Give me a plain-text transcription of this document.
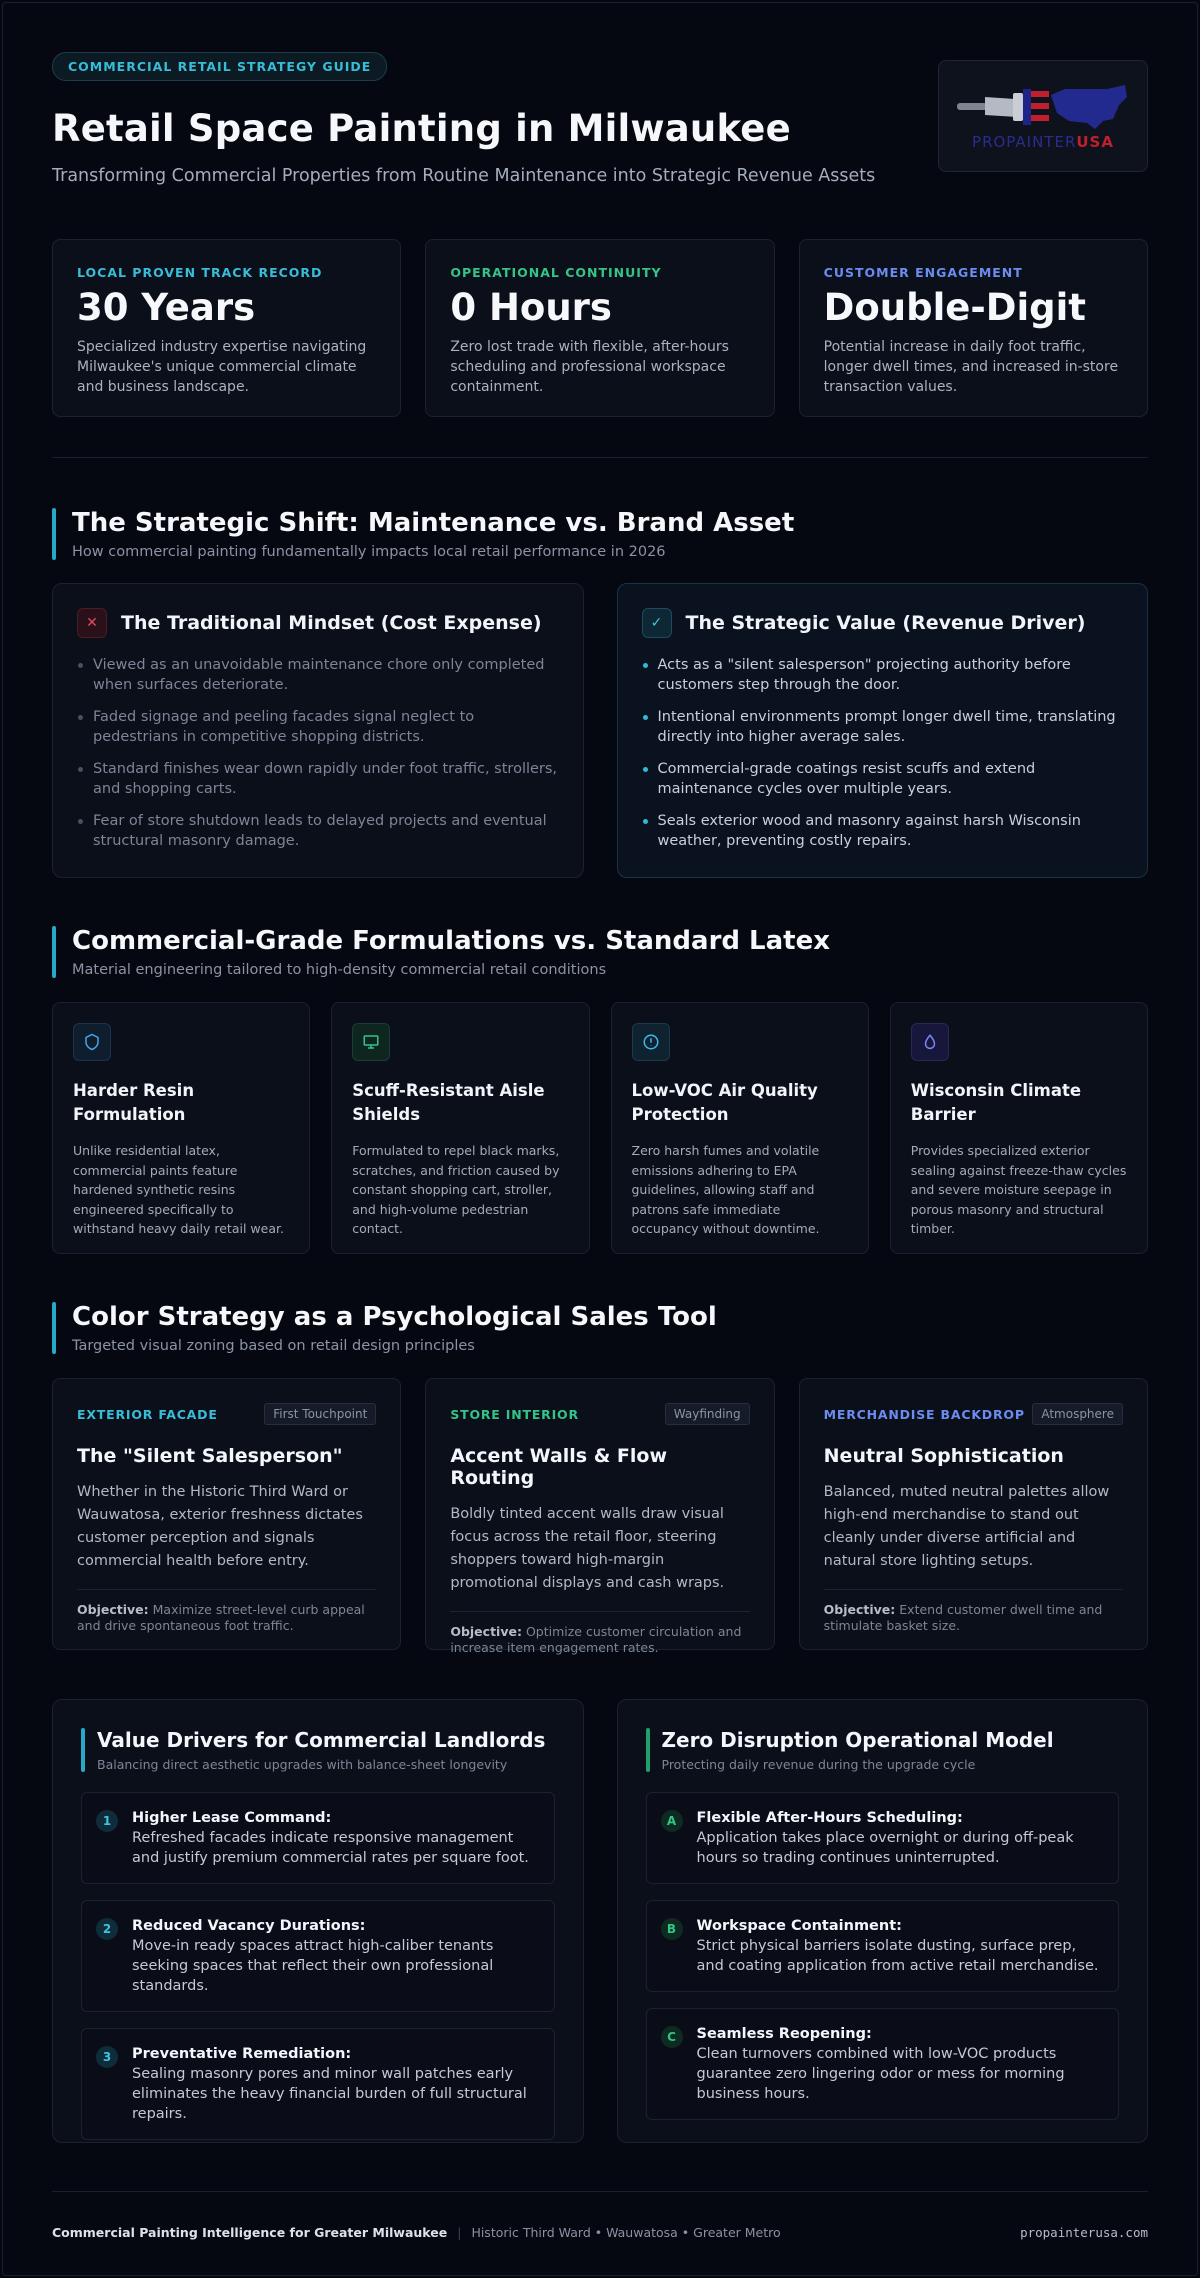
COMMERCIAL RETAIL STRATEGY GUIDE
Retail Space Painting in Milwaukee

Transforming Commercial Properties from Routine Maintenance into Strategic Revenue Assets

PROPAINTERUSA
LOCAL PROVEN TRACK RECORD
30 Years
Specialized industry expertise navigating Milwaukee's unique commercial climate and business landscape.
OPERATIONAL CONTINUITY
0 Hours
Zero lost trade with flexible, after-hours scheduling and professional workspace containment.
CUSTOMER ENGAGEMENT
Double-Digit
Potential increase in daily foot traffic, longer dwell times, and increased in-store transaction values.
The Strategic Shift: Maintenance vs. Brand Asset

How commercial painting fundamentally impacts local retail performance in 2026

✕	The Traditional Mindset (Cost Expense)
Viewed as an unavoidable maintenance chore only completed when surfaces deteriorate.
Faded signage and peeling facades signal neglect to pedestrians in competitive shopping districts.
Standard finishes wear down rapidly under foot traffic, strollers, and shopping carts.
Fear of store shutdown leads to delayed projects and eventual structural masonry damage.
✓	The Strategic Value (Revenue Driver)
Acts as a "silent salesperson" projecting authority before customers step through the door.
Intentional environments prompt longer dwell time, translating directly into higher average sales.
Commercial-grade coatings resist scuffs and extend maintenance cycles over multiple years.
Seals exterior wood and masonry against harsh Wisconsin weather, preventing costly repairs.
Commercial-Grade Formulations vs. Standard Latex

Material engineering tailored to high-density commercial retail conditions

Harder Resin Formulation

Unlike residential latex, commercial paints feature hardened synthetic resins engineered specifically to withstand heavy daily retail wear.

Scuff-Resistant Aisle Shields

Formulated to repel black marks, scratches, and friction caused by constant shopping cart, stroller, and high-volume pedestrian contact.

Low-VOC Air Quality Protection

Zero harsh fumes and volatile emissions adhering to EPA guidelines, allowing staff and patrons safe immediate occupancy without downtime.

Wisconsin Climate Barrier

Provides specialized exterior sealing against freeze-thaw cycles and severe moisture seepage in porous masonry and structural timber.

Color Strategy as a Psychological Sales Tool

Targeted visual zoning based on retail design principles

EXTERIOR FACADE	First Touchpoint
The "Silent Salesperson"

Whether in the Historic Third Ward or Wauwatosa, exterior freshness dictates customer perception and signals commercial health before entry.

Objective: Maximize street-level curb appeal and drive spontaneous foot traffic.
STORE INTERIOR	Wayfinding
Accent Walls & Flow Routing

Boldly tinted accent walls draw visual focus across the retail floor, steering shoppers toward high-margin promotional displays and cash wraps.

Objective: Optimize customer circulation and increase item engagement rates.
MERCHANDISE BACKDROP	Atmosphere
Neutral Sophistication

Balanced, muted neutral palettes allow high-end merchandise to stand out cleanly under diverse artificial and natural store lighting setups.

Objective: Extend customer dwell time and stimulate basket size.
Value Drivers for Commercial Landlords

Balancing direct aesthetic upgrades with balance-sheet longevity

1	Higher Lease Command:
Refreshed facades indicate responsive management and justify premium commercial rates per square foot.
2	Reduced Vacancy Durations:
Move-in ready spaces attract high-caliber tenants seeking spaces that reflect their own professional standards.
3	Preventative Remediation:
Sealing masonry pores and minor wall patches early eliminates the heavy financial burden of full structural repairs.
Zero Disruption Operational Model

Protecting daily revenue during the upgrade cycle

A	Flexible After-Hours Scheduling:
Application takes place overnight or during off-peak hours so trading continues uninterrupted.
B	Workspace Containment:
Strict physical barriers isolate dusting, surface prep, and coating application from active retail merchandise.
C	Seamless Reopening:
Clean turnovers combined with low-VOC products guarantee zero lingering odor or mess for morning business hours.
Commercial Painting Intelligence for Greater Milwaukee | Historic Third Ward • Wauwatosa • Greater Metro	propainterusa.com
